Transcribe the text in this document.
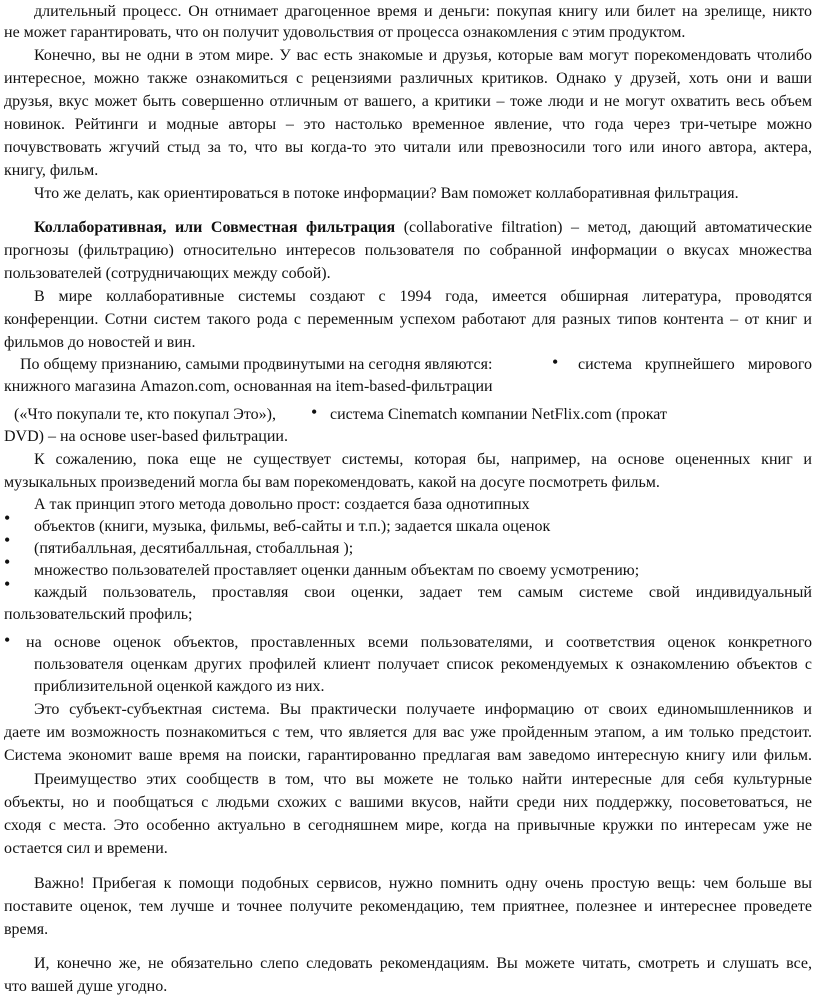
длительный процесс. Он отнимает драгоценное время и деньги: покупая книгу или билет на зрелище, никто
не может гарантировать, что он получит удовольствия от процесса ознакомления с этим продуктом.
Конечно, вы не одни в этом мире. У вас есть знакомые и друзья, которые вам могут порекомендовать чтолибо
интересное, можно также ознакомиться с рецензиями различных критиков. Однако у друзей, хоть они и ваши
друзья, вкус может быть совершенно отличным от вашего, а критики – тоже люди и не могут охватить весь объем
новинок. Рейтинги и модные авторы – это настолько временное явление, что года через три-четыре можно
почувствовать жгучий стыд за то, что вы когда-то это читали или превозносили того или иного автора, актера,
книгу, фильм.
Что же делать, как ориентироваться в потоке информации? Вам поможет коллаборативная фильтрация.
Коллаборативная, или Совместная фильтрация (collaborative filtration) – метод, дающий автоматические
прогнозы (фильтрацию) относительно интересов пользователя по собранной информации о вкусах множества
пользователей (сотрудничающих между собой).
В мире коллаборативные системы создают с 1994 года, имеется обширная литература, проводятся
конференции. Сотни систем такого рода с переменным успехом работают для разных типов контента – от книг и
фильмов до новостей и вин.
По общему признанию, самыми продвинутыми на сегодня являются:	• система крупнейшего мирового
книжного магазина Amazon.com, основанная на item-based-фильтрации
(«Что покупали те, кто покупал Это»),	• система Cinematch компании NetFlix.com (прокат
DVD) – на основе user-based фильтрации.
К сожалению, пока еще не существует системы, которая бы, например, на основе оцененных книг и
музыкальных произведений могла бы вам порекомендовать, какой на досуге посмотреть фильм.
А так принцип этого метода довольно прост: создается база однотипных
• объектов (книги, музыка, фильмы, веб-сайты и т.п.); задается шкала оценок
• (пятибалльная, десятибалльная, стобалльная );
• множество пользователей проставляет оценки данным объектам по своему усмотрению;
• каждый пользователь, проставляя свои оценки, задает тем самым системе свой индивидуальный
пользовательский профиль;
• на основе оценок объектов, проставленных всеми пользователями, и соответствия оценок конкретного
пользователя оценкам других профилей клиент получает список рекомендуемых к ознакомлению объектов с
приблизительной оценкой каждого из них.
Это субъект-субъектная система. Вы практически получаете информацию от своих единомышленников и
даете им возможность познакомиться с тем, что является для вас уже пройденным этапом, а им только предстоит.
Система экономит ваше время на поиски, гарантированно предлагая вам заведомо интересную книгу или фильм.
Преимущество этих сообществ в том, что вы можете не только найти интересные для себя культурные
объекты, но и пообщаться с людьми схожих с вашими вкусов, найти среди них поддержку, посоветоваться, не
сходя с места. Это особенно актуально в сегодняшнем мире, когда на привычные кружки по интересам уже не
остается сил и времени.
Важно! Прибегая к помощи подобных сервисов, нужно помнить одну очень простую вещь: чем больше вы
поставите оценок, тем лучше и точнее получите рекомендацию, тем приятнее, полезнее и интереснее проведете
время.
И, конечно же, не обязательно слепо следовать рекомендациям. Вы можете читать, смотреть и слушать все,
что вашей душе угодно.
